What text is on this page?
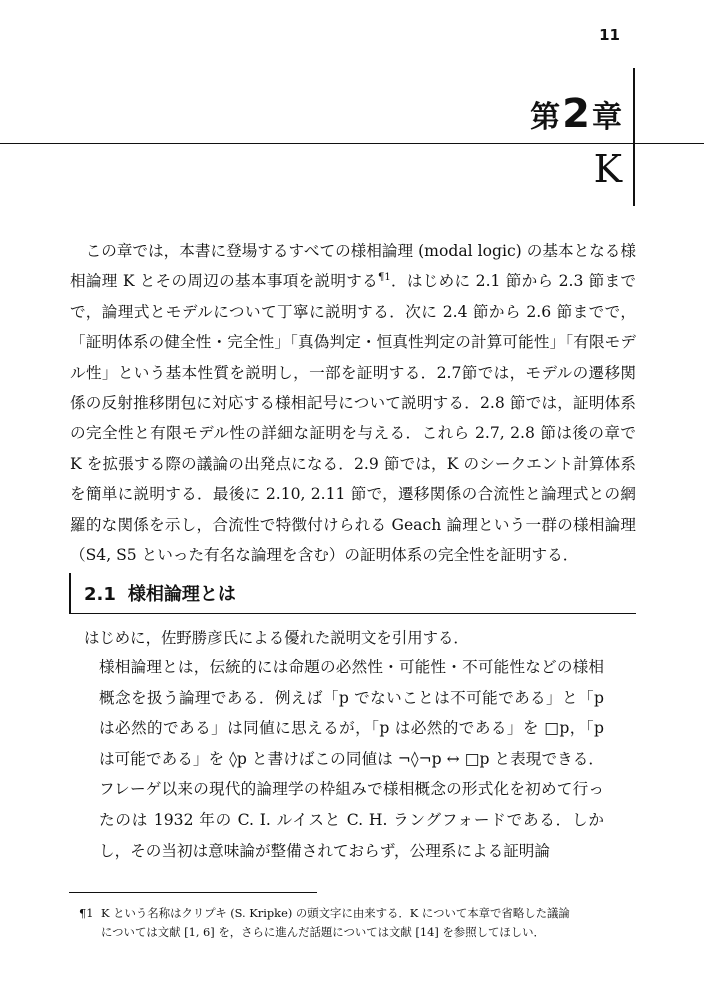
11
第2章
K
この章では，本書に登場するすべての様相論理 (modal logic) の基本となる様相論理 K とその周辺の基本事項を説明する$^{\P 1}$．はじめに 2.1 節から 2.3 節までで，論理式とモデルについて丁寧に説明する．次に 2.4 節から 2.6 節までで，「証明体系の健全性・完全性」「真偽判定・恒真性判定の計算可能性」「有限モデル性」という基本性質を説明し，一部を証明する．2.7節では，モデルの遷移関係の反射推移閉包に対応する様相記号について説明する．2.8 節では，証明体系の完全性と有限モデル性の詳細な証明を与える．これら 2.7, 2.8 節は後の章で K を拡張する際の議論の出発点になる．2.9 節では，K のシークエント計算体系を簡単に説明する．最後に 2.10, 2.11 節で，遷移関係の合流性と論理式との網羅的な関係を示し，合流性で特徴付けられる Geach 論理という一群の様相論理（S4, S5 といった有名な論理を含む）の証明体系の完全性を証明する．
2.1 様相論理とは
はじめに，佐野勝彦氏による優れた説明文を引用する．
様相論理とは，伝統的には命題の必然性・可能性・不可能性などの様相概念を扱う論理である．例えば「p でないことは不可能である」と「p は必然的である」は同値に思えるが，「p は必然的である」を □p，「p は可能である」を ◊p と書けばこの同値は ¬◊¬p ↔ □p と表現できる．フレーゲ以来の現代的論理学の枠組みで様相概念の形式化を初めて行ったのは 1932 年の C. I. ルイスと C. H. ラングフォードである．しかし，その当初は意味論が整備されておらず，公理系による証明論
¶1 K という名称はクリプキ (S. Kripke) の頭文字に由来する．K について本章で省略した議論
については文献 [1, 6] を，さらに進んだ話題については文献 [14] を参照してほしい．
